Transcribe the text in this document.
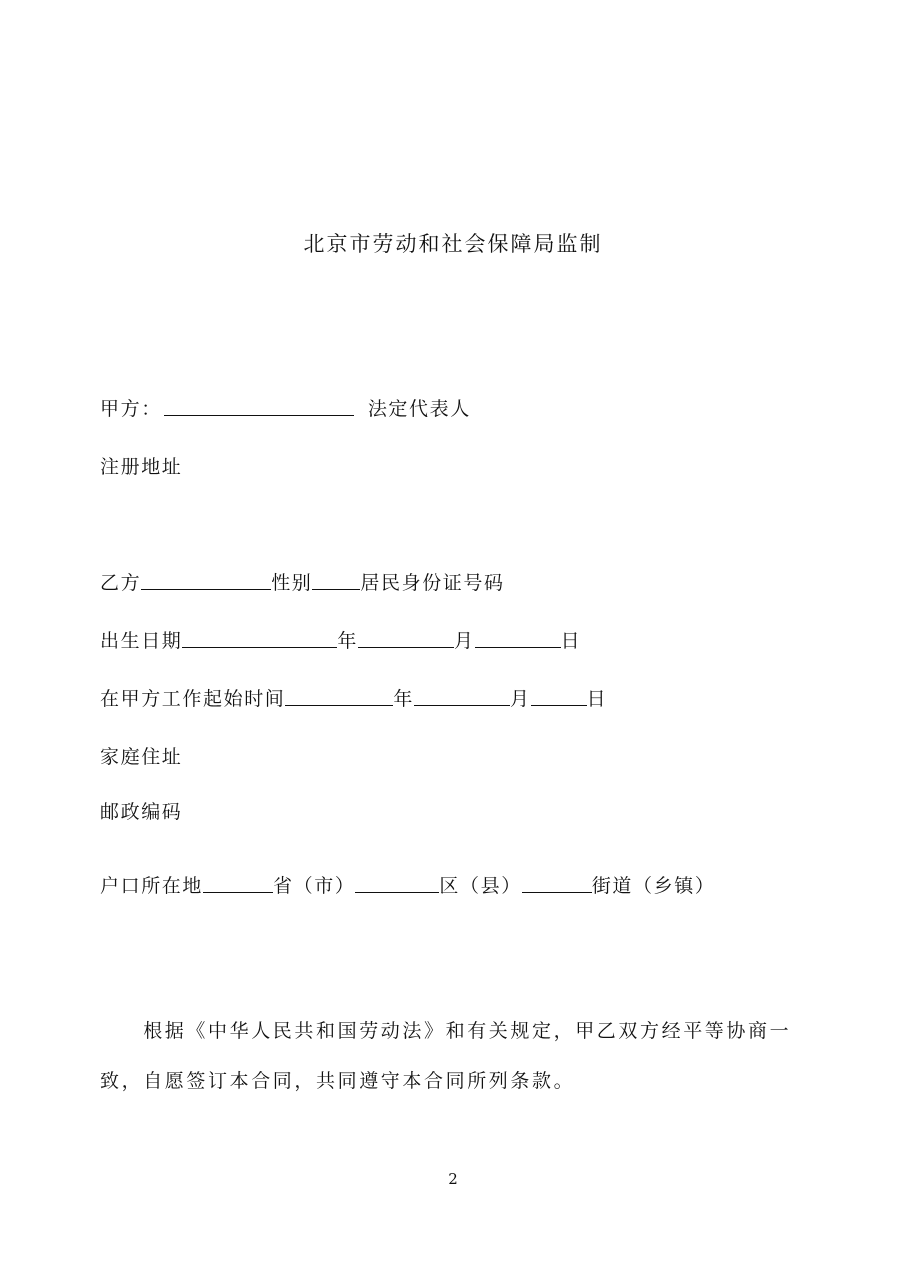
北京市劳动和社会保障局监制
甲方：	法定代表人
注册地址
乙方	性别	居民身份证号码
出生日期	年	月	日
在甲方工作起始时间	年	月	日
家庭住址
邮政编码
户口所在地	省（市）	区（县）	街道（乡镇）
　　根据《中华人民共和国劳动法》和有关规定，甲乙双方经平等协商一
致，自愿签订本合同，共同遵守本合同所列条款。
2
